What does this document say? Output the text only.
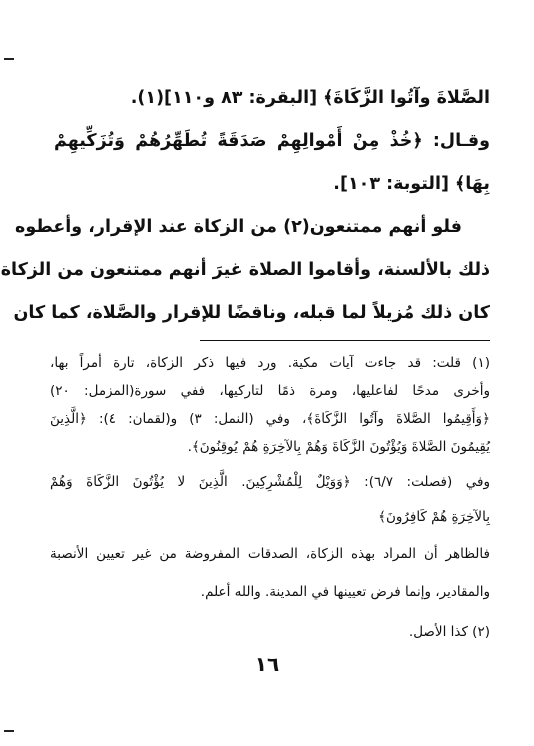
الصَّلاةَ وآتُوا الزَّكَاةَ﴾ [البقرة: ٨٣ و١١٠](١).
وقـال: ﴿خُذْ مِنْ أَمْوالِهِمْ صَدَقَةً تُطَهِّرُهُمْ وَتُزَكِّيهِمْ
بِهَا﴾ [التوبة: ١٠٣].
فلو أنهم ممتنعون(٢) من الزكاة عند الإقرار، وأعطوه
ذلك بالألسنة، وأقاموا الصلاة غيرَ أنهم ممتنعون من الزكاة
كان ذلك مُزيلاً لما قبله، وناقضًا للإقرار والصَّلاة، كما كان
(١) قلت: قد جاءت آيات مكية. ورد فيها ذكر الزكاة، تارة أمراً بها،
وأخرى مدحًا لفاعليها، ومرة ذمًا لتاركيها، ففي سورة(المزمل: ٢٠)
﴿وَأَقِيمُوا الصَّلاةَ وآتُوا الزَّكَاةَ﴾، وفي (النمل: ٣) و(لقمان: ٤): ﴿الَّذِينَ
يُقِيمُونَ الصَّلاةَ وَيُؤْتُونَ الزَّكَاةَ وَهُمْ بِالآخِرَةِ هُمْ يُوقِنُونَ﴾.
وفي (فصلت: ٦/٧): ﴿وَوَيْلٌ لِلْمُشْرِكِينَ. الَّذِينَ لا يُؤْتُونَ الزَّكَاةَ وَهُمْ
بِالآخِرَةِ هُمْ كَافِرُونَ﴾
فالظاهر أن المراد بهذه الزكاة، الصدقات المفروضة من غير تعيين الأنصبة
والمقادير، وإنما فرض تعيينها في المدينة. والله أعلم.
(٢) كذا الأصل.
١٦
